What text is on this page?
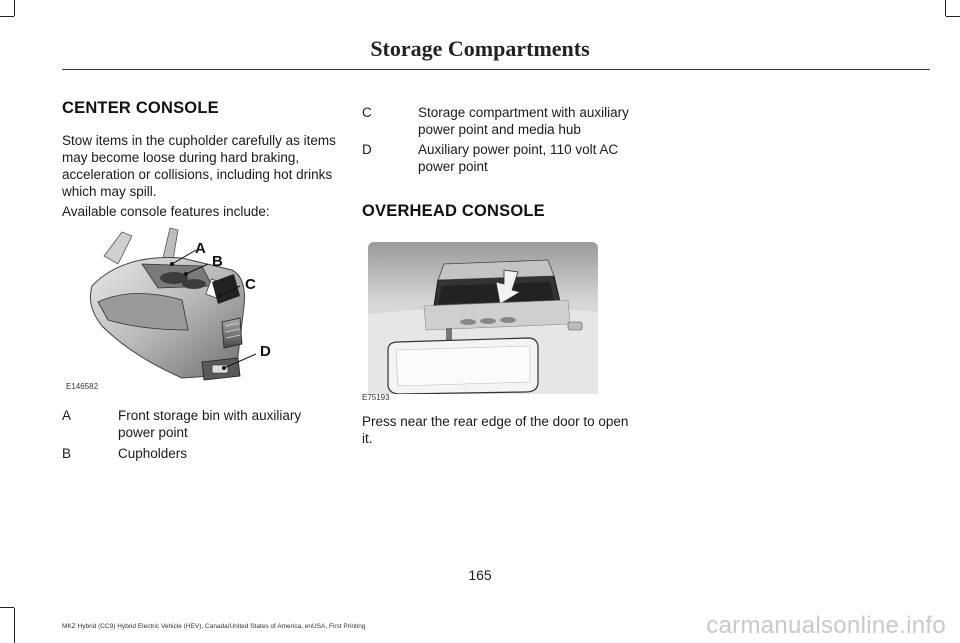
Storage Compartments
CENTER CONSOLE
Stow items in the cupholder carefully as items may become loose during hard braking, acceleration or collisions, including hot drinks which may spill.
Available console features include:
A
B
C
D
E146582
A	Front storage bin with auxiliary power point
B	Cupholders
C	Storage compartment with auxiliary power point and media hub
D	Auxiliary power point, 110 volt AC power point
OVERHEAD CONSOLE
E75193
Press near the rear edge of the door to open it.
165
MKZ Hybrid (CC9) Hybrid Electric Vehicle (HEV), Canada/United States of America, enUSA, First Printing	carmanualsonline.info
